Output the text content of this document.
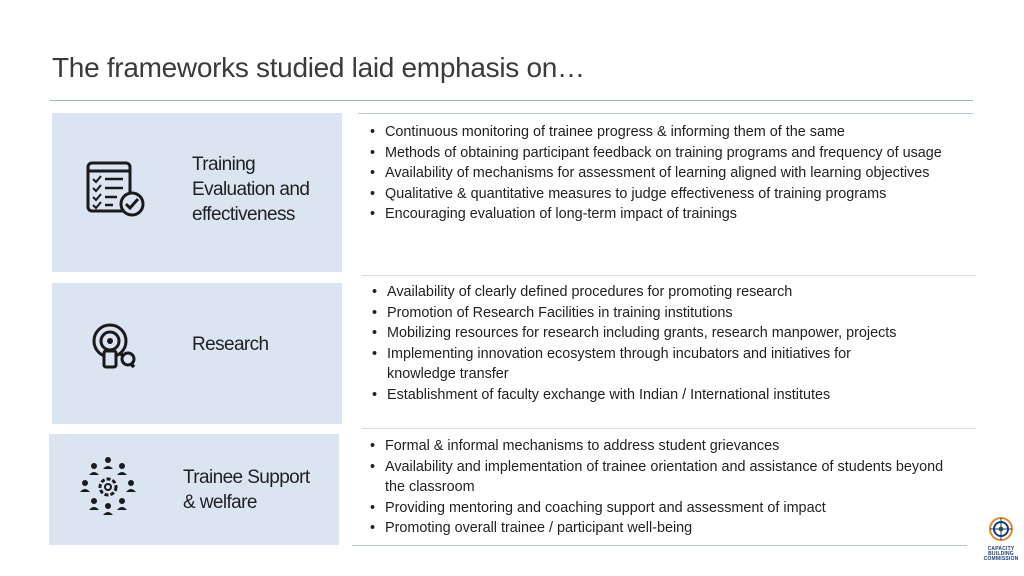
The frameworks studied laid emphasis on…
Training
Evaluation and
effectiveness
• Continuous monitoring of trainee progress & informing them of the same
• Methods of obtaining participant feedback on training programs and frequency of usage
• Availability of mechanisms for assessment of learning aligned with learning objectives
• Qualitative & quantitative measures to judge effectiveness of training programs
• Encouraging evaluation of long-term impact of trainings
Research
• Availability of clearly defined procedures for promoting research
• Promotion of Research Facilities in training institutions
• Mobilizing resources for research including grants, research manpower, projects
• Implementing innovation ecosystem through incubators and initiatives for knowledge transfer
• Establishment of faculty exchange with Indian / International institutes
Trainee Support
& welfare
• Formal & informal mechanisms to address student grievances
• Availability and implementation of trainee orientation and assistance of students beyond the classroom
• Providing mentoring and coaching support and assessment of impact
• Promoting overall trainee / participant well-being
CAPACITY
BUILDING
COMMISSION
